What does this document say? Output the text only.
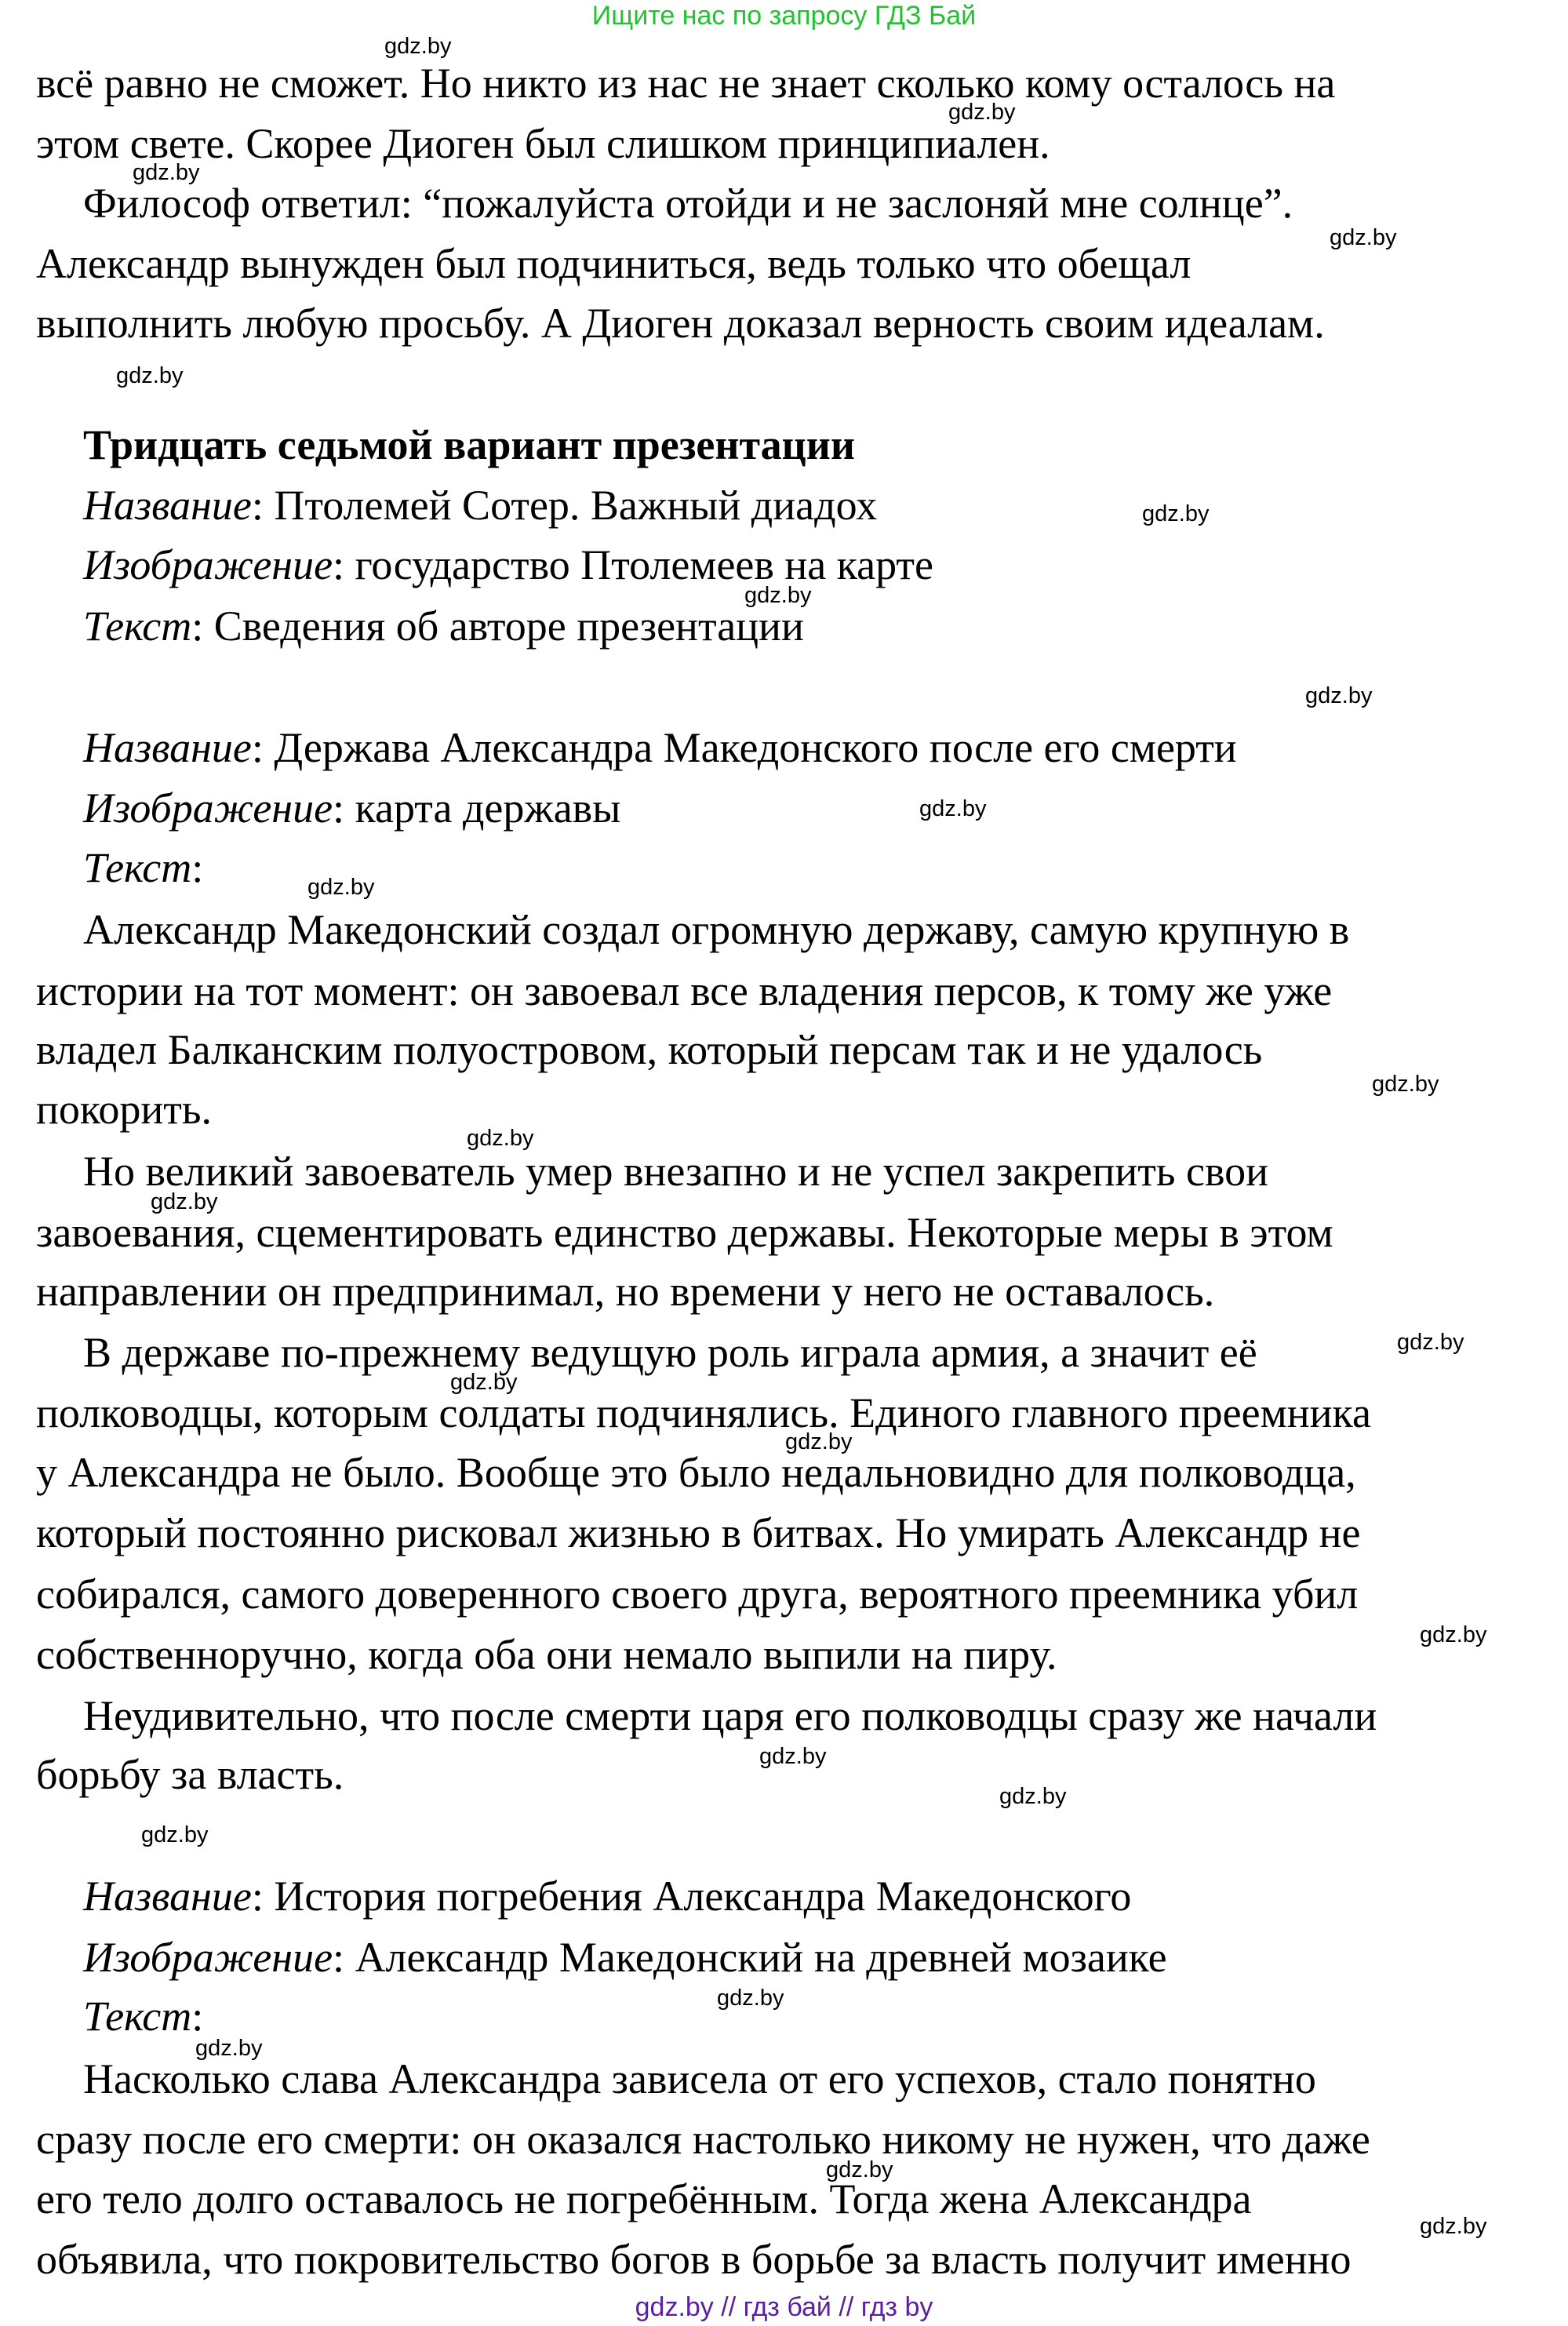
Ищите нас по запросу ГДЗ Бай
всё равно не сможет. Но никто из нас не знает сколько кому осталось на
этом свете. Скорее Диоген был слишком принципиален.
Философ ответил: “пожалуйста отойди и не заслоняй мне солнце”.
Александр вынужден был подчиниться, ведь только что обещал
выполнить любую просьбу. А Диоген доказал верность своим идеалам.
Тридцать седьмой вариант презентации
Название: Птолемей Сотер. Важный диадох
Изображение: государство Птолемеев на карте
Текст: Сведения об авторе презентации
Название: Держава Александра Македонского после его смерти
Изображение: карта державы
Текст:
Александр Македонский создал огромную державу, самую крупную в
истории на тот момент: он завоевал все владения персов, к тому же уже
владел Балканским полуостровом, который персам так и не удалось
покорить.
Но великий завоеватель умер внезапно и не успел закрепить свои
завоевания, сцементировать единство державы. Некоторые меры в этом
направлении он предпринимал, но времени у него не оставалось.
В державе по-прежнему ведущую роль играла армия, а значит её
полководцы, которым солдаты подчинялись. Единого главного преемника
у Александра не было. Вообще это было недальновидно для полководца,
который постоянно рисковал жизнью в битвах. Но умирать Александр не
собирался, самого доверенного своего друга, вероятного преемника убил
собственноручно, когда оба они немало выпили на пиру.
Неудивительно, что после смерти царя его полководцы сразу же начали
борьбу за власть.
Название: История погребения Александра Македонского
Изображение: Александр Македонский на древней мозаике
Текст:
Насколько слава Александра зависела от его успехов, стало понятно
сразу после его смерти: он оказался настолько никому не нужен, что даже
его тело долго оставалось не погребённым. Тогда жена Александра
объявила, что покровительство богов в борьбе за власть получит именно
gdz.by
gdz.by
gdz.by
gdz.by
gdz.by
gdz.by
gdz.by
gdz.by
gdz.by
gdz.by
gdz.by
gdz.by
gdz.by
gdz.by
gdz.by
gdz.by
gdz.by
gdz.by
gdz.by
gdz.by
gdz.by
gdz.by
gdz.by
gdz.by
gdz.by // гдз бай // гдз by
